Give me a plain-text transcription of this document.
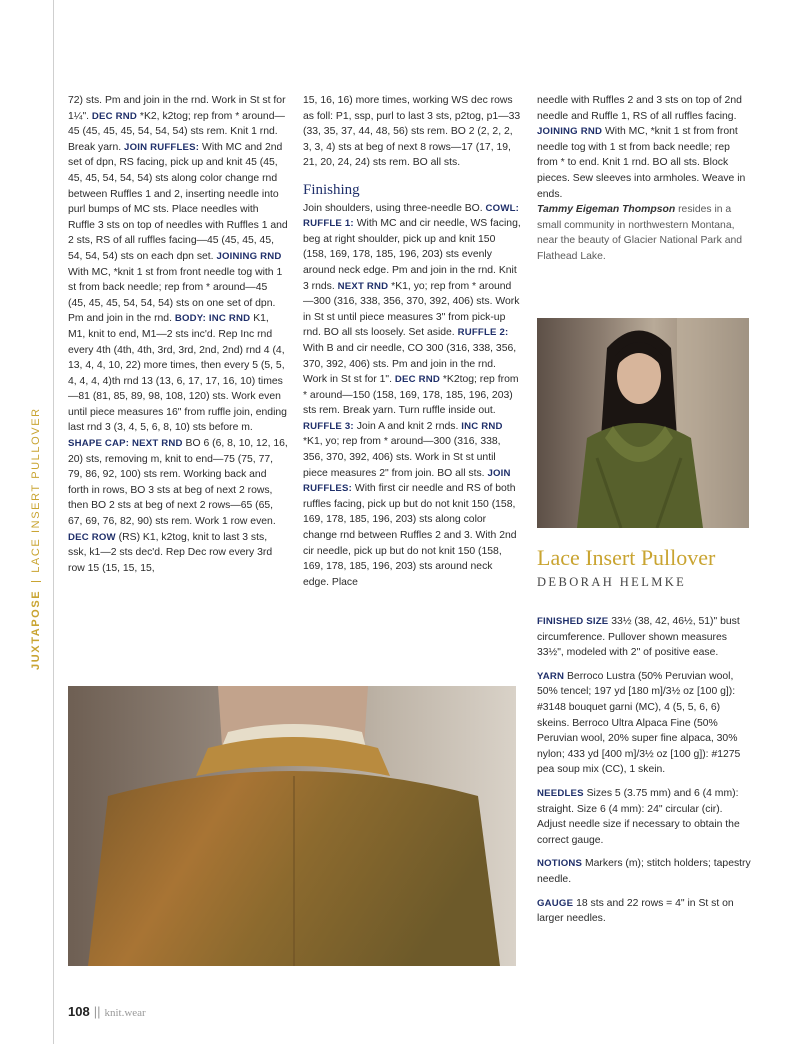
JUXTAPOSELACE INSERT PULLOVER

72) sts. Pm and join in the rnd. Work in St st for 1¼". DEC RND *K2, k2tog; rep from * around—45 (45, 45, 45, 54, 54, 54) sts rem. Knit 1 rnd. Break yarn. JOIN RUFFLES: With MC and 2nd set of dpn, RS facing, pick up and knit 45 (45, 45, 45, 54, 54, 54) sts along color change rnd between Ruffles 1 and 2, inserting needle into purl bumps of MC sts. Place needles with Ruffle 3 sts on top of needles with Ruffles 1 and 2 sts, RS of all ruffles facing—45 (45, 45, 45, 54, 54, 54) sts on each dpn set. JOINING RND With MC, *knit 1 st from front needle tog with 1 st from back needle; rep from * around—45 (45, 45, 45, 54, 54, 54) sts on one set of dpn. Pm and join in the rnd. BODY: INC RND K1, M1, knit to end, M1—2 sts inc'd. Rep Inc rnd every 4th (4th, 4th, 3rd, 3rd, 2nd, 2nd) rnd 4 (4, 13, 4, 4, 10, 22) more times, then every 5 (5, 5, 4, 4, 4, 4)th rnd 13 (13, 6, 17, 17, 16, 10) times—81 (81, 85, 89, 98, 108, 120) sts. Work even until piece measures 16" from ruffle join, ending last rnd 3 (3, 4, 5, 6, 8, 10) sts before m. SHAPE CAP: NEXT RND BO 6 (6, 8, 10, 12, 16, 20) sts, removing m, knit to end—75 (75, 77, 79, 86, 92, 100) sts rem. Working back and forth in rows, BO 3 sts at beg of next 2 rows, then BO 2 sts at beg of next 2 rows—65 (65, 67, 69, 76, 82, 90) sts rem. Work 1 row even. DEC ROW (RS) K1, k2tog, knit to last 3 sts, ssk, k1—2 sts dec'd. Rep Dec row every 3rd row 15 (15, 15, 15,

15, 16, 16) more times, working WS dec rows as foll: P1, ssp, purl to last 3 sts, p2tog, p1—33 (33, 35, 37, 44, 48, 56) sts rem. BO 2 (2, 2, 2, 3, 3, 4) sts at beg of next 8 rows—17 (17, 19, 21, 20, 24, 24) sts rem. BO all sts.

Finishing

Join shoulders, using three-needle BO. COWL: RUFFLE 1: With MC and cir needle, WS facing, beg at right shoulder, pick up and knit 150 (158, 169, 178, 185, 196, 203) sts evenly around neck edge. Pm and join in the rnd. Knit 3 rnds. NEXT RND *K1, yo; rep from * around—300 (316, 338, 356, 370, 392, 406) sts. Work in St st until piece measures 3" from pick-up rnd. BO all sts loosely. Set aside. RUFFLE 2: With B and cir needle, CO 300 (316, 338, 356, 370, 392, 406) sts. Pm and join in the rnd. Work in St st for 1". DEC RND *K2tog; rep from * around—150 (158, 169, 178, 185, 196, 203) sts rem. Break yarn. Turn ruffle inside out. RUFFLE 3: Join A and knit 2 rnds. INC RND *K1, yo; rep from * around—300 (316, 338, 356, 370, 392, 406) sts. Work in St st until piece measures 2" from join. BO all sts. JOIN RUFFLES: With first cir needle and RS of both ruffles facing, pick up but do not knit 150 (158, 169, 178, 185, 196, 203) sts along color change rnd between Ruffles 2 and 3. With 2nd cir needle, pick up but do not knit 150 (158, 169, 178, 185, 196, 203) sts around neck edge. Place

needle with Ruffles 2 and 3 sts on top of 2nd needle and Ruffle 1, RS of all ruffles facing. JOINING RND With MC, *knit 1 st from front needle tog with 1 st from back needle; rep from * to end. Knit 1 rnd. BO all sts. Block pieces. Sew sleeves into armholes. Weave in ends.

Tammy Eigeman Thompson resides in a small community in northwestern Montana, near the beauty of Glacier National Park and Flathead Lake.

Lace Insert Pullover
DEBORAH HELMKE

FINISHED SIZE 33½ (38, 42, 46½, 51)" bust circumference. Pullover shown measures 33½", modeled with 2" of positive ease.

YARN Berroco Lustra (50% Peruvian wool, 50% tencel; 197 yd [180 m]/3½ oz [100 g]): #3148 bouquet garni (MC), 4 (5, 5, 6, 6) skeins. Berroco Ultra Alpaca Fine (50% Peruvian wool, 20% super fine alpaca, 30% nylon; 433 yd [400 m]/3½ oz [100 g]): #1275 pea soup mix (CC), 1 skein.

NEEDLES Sizes 5 (3.75 mm) and 6 (4 mm): straight. Size 6 (4 mm): 24" circular (cir). Adjust needle size if necessary to obtain the correct gauge.

NOTIONS Markers (m); stitch holders; tapestry needle.

GAUGE 18 sts and 22 rows = 4" in St st on larger needles.

108 || knit.wear
